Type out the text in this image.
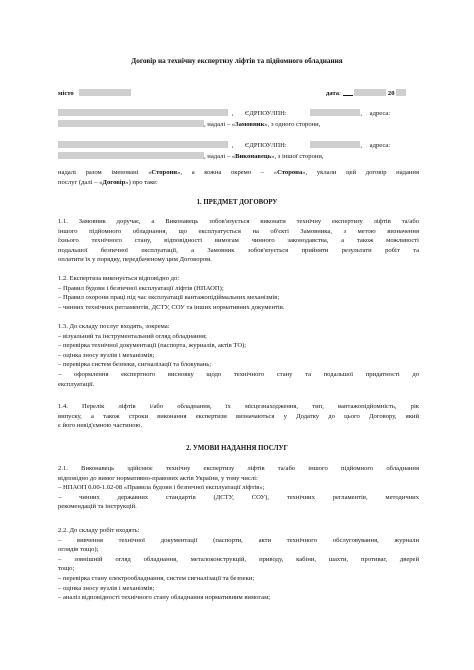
Договір на технічну експертизу ліфтів та підйомного обладнання
місто	дата:	20
, ЄДРПОУ/ІПН:	, адреса:
, надалі – «Замовник», з одного сторони,
, ЄДРПОУ/ІПН:	, адреса:
, надалі – «Виконавець», з іншої сторони,
надалі разом іменовані «Сторони», а кожна окремо – «Сторона», уклали цей договір надання
послуг (далі – «Договір») про таке:
1. ПРЕДМЕТ ДОГОВОРУ
1.1. Замовник доручає, а Виконавець зобов'язується виконати технічну експертизу ліфтів та/або
іншого підйомного обладнання, що експлуатується на об'єкті Замовника, з метою визначення
їхнього технічного стану, відповідності вимогам чинного законодавства, а також можливості
подальшої безпечної експлуатації, а Замовник зобов'язується прийняти результати робіт та
оплатити їх у порядку, передбаченому цим Договором.
1.2. Експертиза виконується відповідно до:
– Правил будови і безпечної експлуатації ліфтів (НПАОП);
– Правил охорони праці під час експлуатації вантажопідіймальних механізмів;
– чинних технічних регламентів, ДСТУ, СОУ та інших нормативних документів.
1.3. До складу послуг входять, зокрема:
– візуальний та інструментальний огляд обладнання;
– перевірка технічної документації (паспорта, журналів, актів ТО);
– оцінка зносу вузлів і механізмів;
– перевірка систем безпеки, сигналізації та блокувань;
– оформлення експертного висновку щодо технічного стану та подальшої придатності до
експлуатації.
1.4. Перелік ліфтів і/або обладнання, їх місцезнаходження, тип, вантажопідйомність, рік
випуску, а також строки виконання експертизи визначаються у Додатку до цього Договору, який
є його невід'ємною частиною.
2. УМОВИ НАДАННЯ ПОСЛУГ
2.1. Виконавець здійснює технічну експертизу ліфтів та/або іншого підйомного обладнання
відповідно до вимог нормативно-правових актів України, у тому числі:
– НПАОП 0.00-1.02-08 «Правила будови і безпечної експлуатації ліфтів»;
– чинних державних стандартів (ДСТУ, СОУ), технічних регламентів, методичних
рекомендацій та інструкцій.
2.2. До складу робіт входять:
– вивчення технічної документації (паспорти, акти технічного обслуговування, журнали
оглядів тощо);
– зовнішній огляд обладнання, металоконструкцій, приводу, кабіни, шахти, противаг, дверей
тощо;
– перевірка стану електрообладнання, систем сигналізації та безпеки;
– оцінка зносу вузлів і механізмів;
– аналіз відповідності технічного стану обладнання нормативним вимогам;
